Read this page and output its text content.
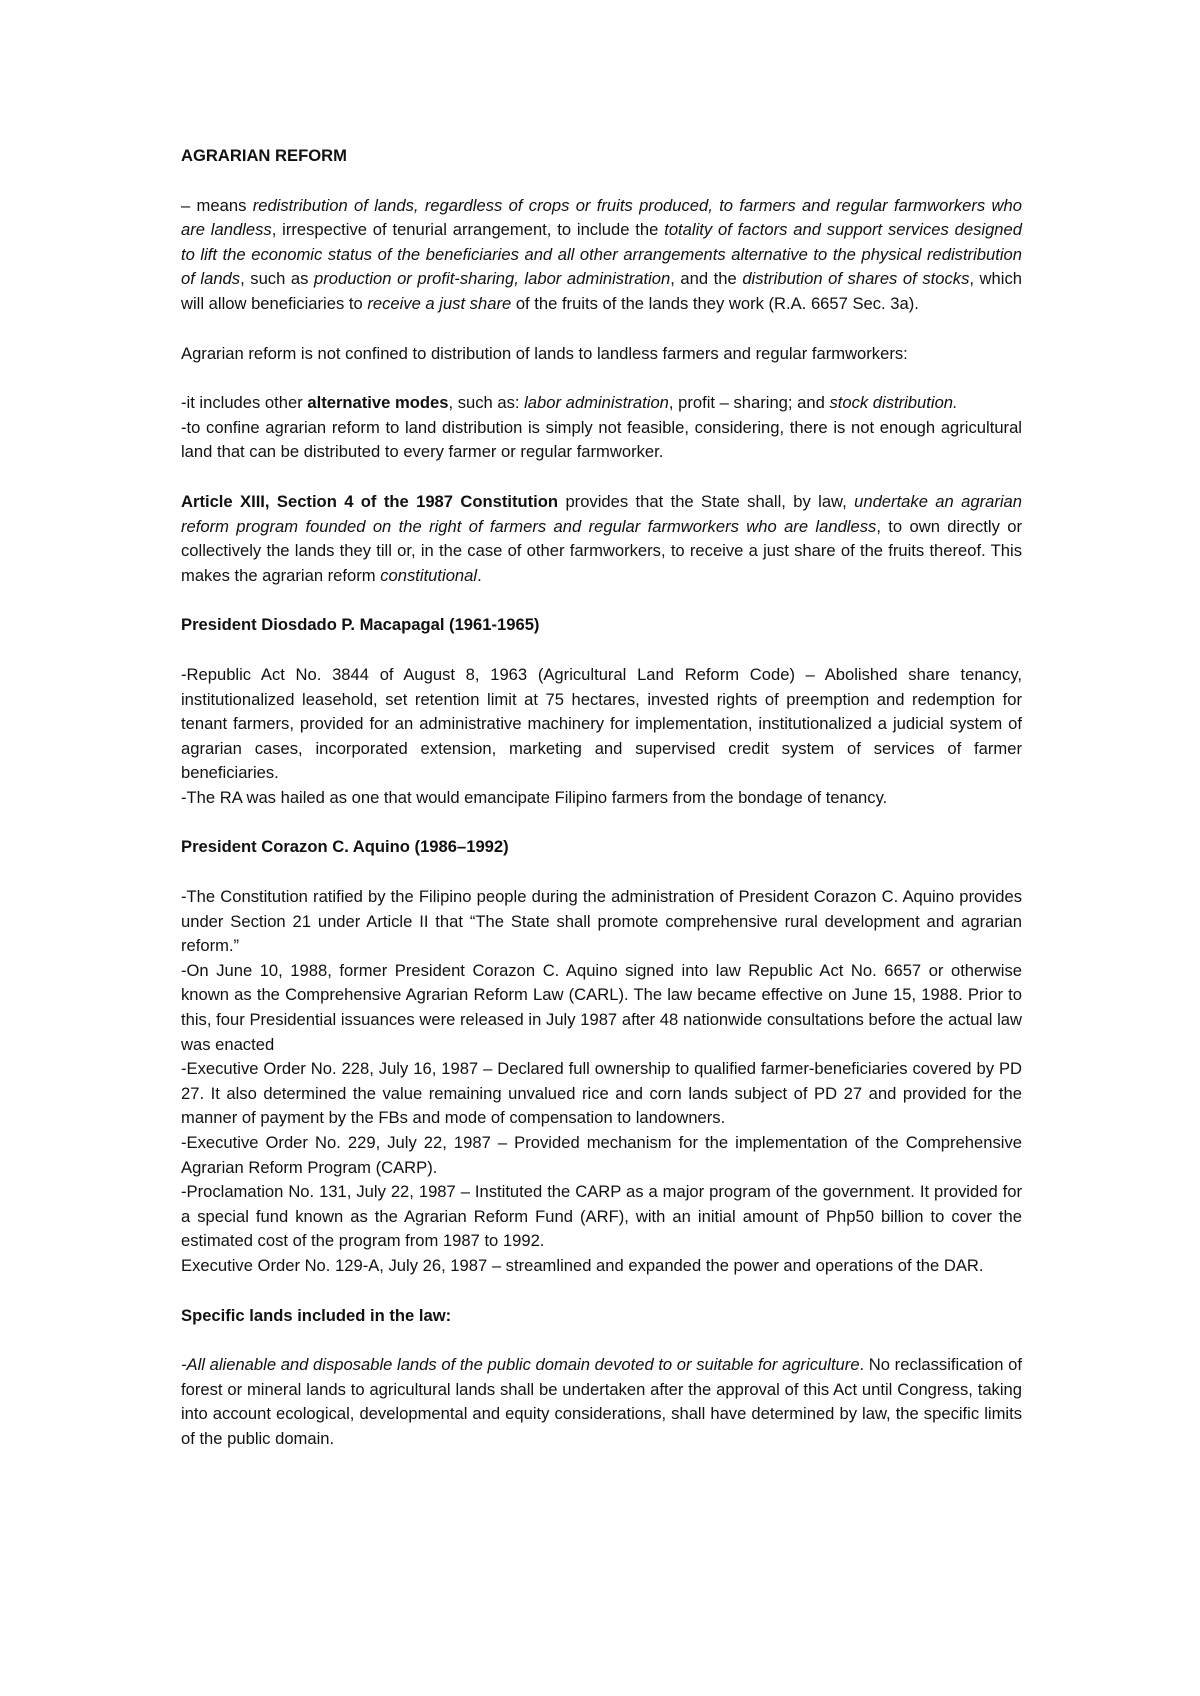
AGRARIAN REFORM

– means redistribution of lands, regardless of crops or fruits produced, to farmers and regular farmworkers who are landless, irrespective of tenurial arrangement, to include the totality of factors and support services designed to lift the economic status of the beneficiaries and all other arrangements alternative to the physical redistribution of lands, such as production or profit-sharing, labor administration, and the distribution of shares of stocks, which will allow beneficiaries to receive a just share of the fruits of the lands they work (R.A. 6657 Sec. 3a).

Agrarian reform is not confined to distribution of lands to landless farmers and regular farmworkers:

-it includes other alternative modes, such as: labor administration, profit – sharing; and stock distribution.

-to confine agrarian reform to land distribution is simply not feasible, considering, there is not enough agricultural land that can be distributed to every farmer or regular farmworker.

Article XIII, Section 4 of the 1987 Constitution provides that the State shall, by law, undertake an agrarian reform program founded on the right of farmers and regular farmworkers who are landless, to own directly or collectively the lands they till or, in the case of other farmworkers, to receive a just share of the fruits thereof. This makes the agrarian reform constitutional.

President Diosdado P. Macapagal (1961-1965)

-Republic Act No. 3844 of August 8, 1963 (Agricultural Land Reform Code) – Abolished share tenancy, institutionalized leasehold, set retention limit at 75 hectares, invested rights of preemption and redemption for tenant farmers, provided for an administrative machinery for implementation, institutionalized a judicial system of agrarian cases, incorporated extension, marketing and supervised credit system of services of farmer beneficiaries.

-The RA was hailed as one that would emancipate Filipino farmers from the bondage of tenancy.

President Corazon C. Aquino (1986–1992)

-The Constitution ratified by the Filipino people during the administration of President Corazon C. Aquino provides under Section 21 under Article II that “The State shall promote comprehensive rural development and agrarian reform.”

-On June 10, 1988, former President Corazon C. Aquino signed into law Republic Act No. 6657 or otherwise known as the Comprehensive Agrarian Reform Law (CARL). The law became effective on June 15, 1988. Prior to this, four Presidential issuances were released in July 1987 after 48 nationwide consultations before the actual law was enacted

-Executive Order No. 228, July 16, 1987 – Declared full ownership to qualified farmer-beneficiaries covered by PD 27. It also determined the value remaining unvalued rice and corn lands subject of PD 27 and provided for the manner of payment by the FBs and mode of compensation to landowners.

-Executive Order No. 229, July 22, 1987 – Provided mechanism for the implementation of the Comprehensive Agrarian Reform Program (CARP).

-Proclamation No. 131, July 22, 1987 – Instituted the CARP as a major program of the government. It provided for a special fund known as the Agrarian Reform Fund (ARF), with an initial amount of Php50 billion to cover the estimated cost of the program from 1987 to 1992.

Executive Order No. 129-A, July 26, 1987 – streamlined and expanded the power and operations of the DAR.

Specific lands included in the law:

-All alienable and disposable lands of the public domain devoted to or suitable for agriculture. No reclassification of forest or mineral lands to agricultural lands shall be undertaken after the approval of this Act until Congress, taking into account ecological, developmental and equity considerations, shall have determined by law, the specific limits of the public domain.
